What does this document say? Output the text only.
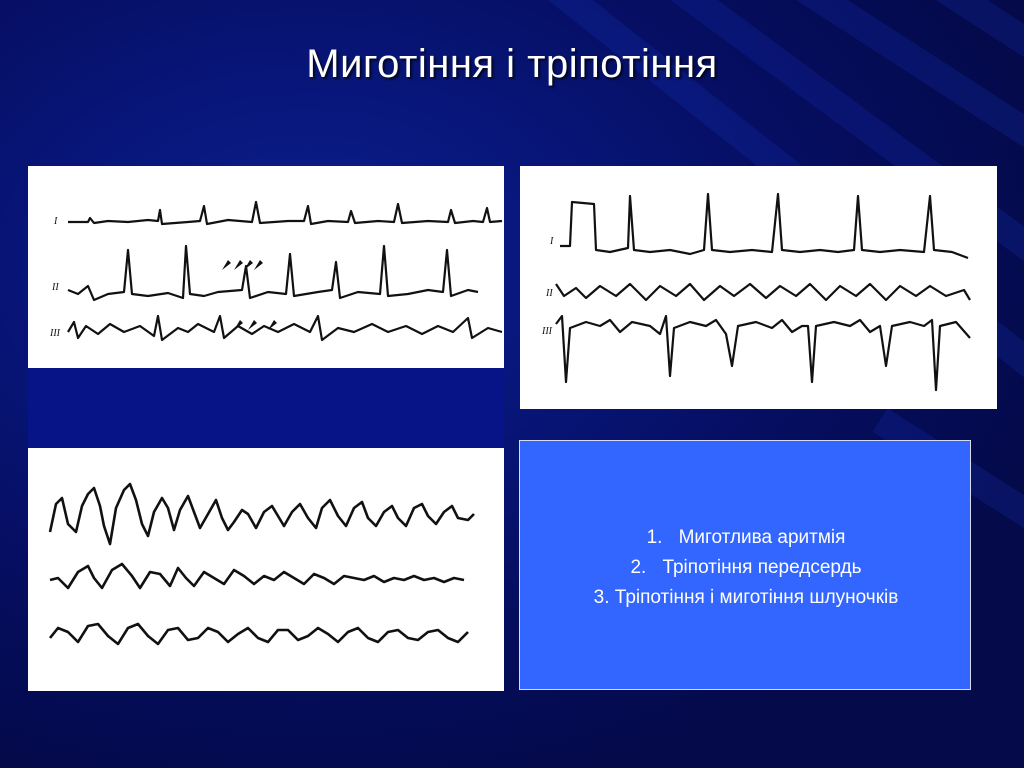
Миготіння і тріпотіння
I
II
III
I
II
III
1. Миготлива аритмія
2. Тріпотіння передсердь
3. Тріпотіння і миготіння шлуночків
